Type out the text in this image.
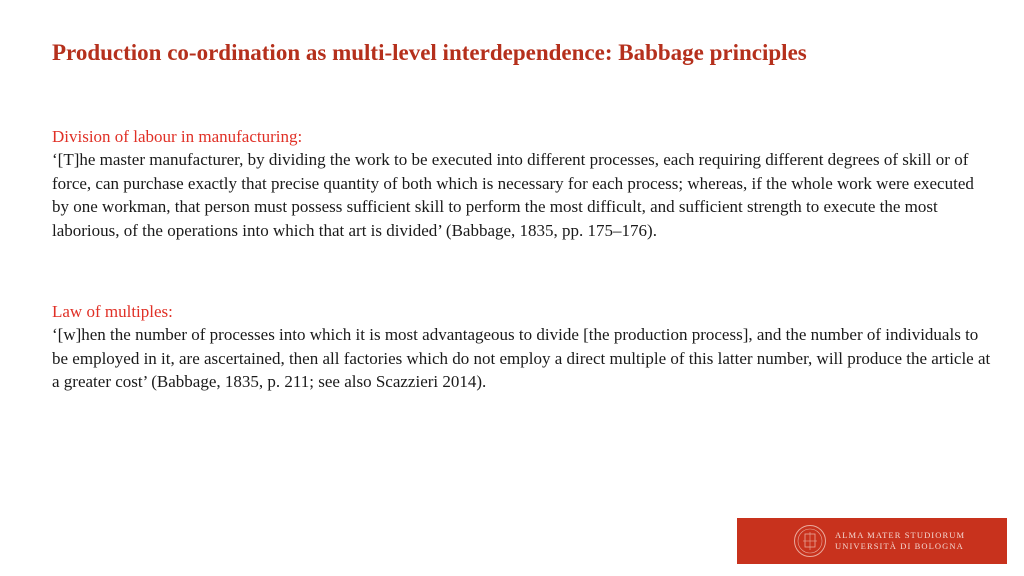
Production co-ordination as multi-level interdependence: Babbage principles

Division of labour in manufacturing:

‘[T]he master manufacturer, by dividing the work to be executed into different processes, each requiring different degrees of skill or of force, can purchase exactly that precise quantity of both which is necessary for each process; whereas, if the whole work were executed by one workman, that person must possess sufficient skill to perform the most difficult, and sufficient strength to execute the most laborious, of the operations into which that art is divided’ (Babbage, 1835, pp. 175–176).

Law of multiples:

‘[w]hen the number of processes into which it is most advantageous to divide [the production process], and the number of individuals to be employed in it, are ascertained, then all factories which do not employ a direct multiple of this latter number, will produce the article at a greater cost’ (Babbage, 1835, p. 211; see also Scazzieri 2014).

ALMA MATER STUDIORUM
UNIVERSITÀ DI BOLOGNA
